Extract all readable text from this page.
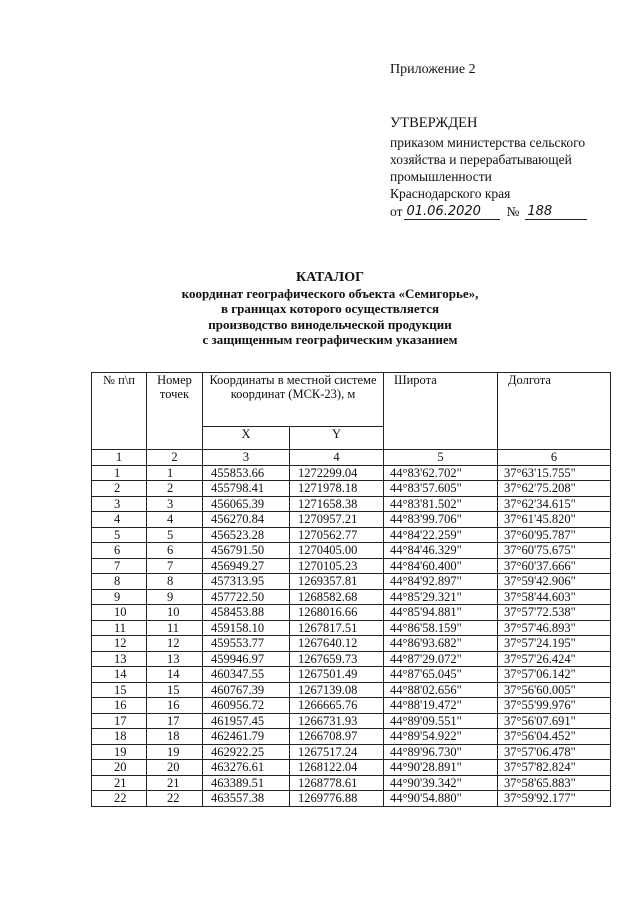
Приложение 2
УТВЕРЖДЕН
приказом министерства сельского
хозяйства и перерабатывающей
промышленности
Краснодарского края
от 01.06.2020	№ 188
КАТАЛОГ
координат географического объекта «Семигорье»,
в границах которого осуществляется
производство винодельческой продукции
с защищенным географическим указанием
№ п\п	Номер точек	Координаты в местной системе координат (МСК-23), м		Широта	Долгота
		X	Y		
1	2	3	4	5	6
1	1	455853.66	1272299.04	44°83'62.702"	37°63'15.755"
2	2	455798.41	1271978.18	44°83'57.605"	37°62'75.208"
3	3	456065.39	1271658.38	44°83'81.502"	37°62'34.615"
4	4	456270.84	1270957.21	44°83'99.706"	37°61'45.820"
5	5	456523.28	1270562.77	44°84'22.259"	37°60'95.787"
6	6	456791.50	1270405.00	44°84'46.329"	37°60'75.675"
7	7	456949.27	1270105.23	44°84'60.400"	37°60'37.666"
8	8	457313.95	1269357.81	44°84'92.897"	37°59'42.906"
9	9	457722.50	1268582.68	44°85'29.321"	37°58'44.603"
10	10	458453.88	1268016.66	44°85'94.881"	37°57'72.538"
11	11	459158.10	1267817.51	44°86'58.159"	37°57'46.893"
12	12	459553.77	1267640.12	44°86'93.682"	37°57'24.195"
13	13	459946.97	1267659.73	44°87'29.072"	37°57'26.424"
14	14	460347.55	1267501.49	44°87'65.045"	37°57'06.142"
15	15	460767.39	1267139.08	44°88'02.656"	37°56'60.005"
16	16	460956.72	1266665.76	44°88'19.472"	37°55'99.976"
17	17	461957.45	1266731.93	44°89'09.551"	37°56'07.691"
18	18	462461.79	1266708.97	44°89'54.922"	37°56'04.452"
19	19	462922.25	1267517.24	44°89'96.730"	37°57'06.478"
20	20	463276.61	1268122.04	44°90'28.891"	37°57'82.824"
21	21	463389.51	1268778.61	44°90'39.342"	37°58'65.883"
22	22	463557.38	1269776.88	44°90'54.880"	37°59'92.177"
